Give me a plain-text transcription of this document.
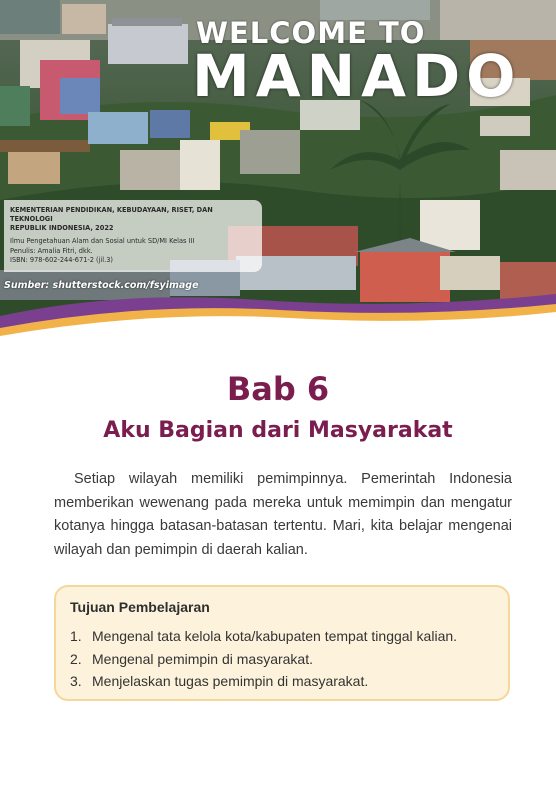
WELCOME TO
MANADO
KEMENTERIAN PENDIDIKAN, KEBUDAYAAN, RISET, DAN TEKNOLOGI
REPUBLIK INDONESIA, 2022
Ilmu Pengetahuan Alam dan Sosial untuk SD/MI Kelas III
Penulis: Amalia Fitri, dkk.
ISBN: 978-602-244-671-2 (jil.3)
Sumber: shutterstock.com/fsyimage
Bab 6
Aku Bagian dari Masyarakat

Setiap wilayah memiliki pemimpinnya. Pemerintah Indonesia memberikan wewenang pada mereka untuk memimpin dan mengatur kotanya hingga batasan-batasan tertentu. Mari, kita belajar mengenai wilayah dan pemimpin di daerah kalian.

Tujuan Pembelajaran
1. Mengenal tata kelola kota/kabupaten tempat tinggal kalian.
2. Mengenal pemimpin di masyarakat.
3. Menjelaskan tugas pemimpin di masyarakat.
